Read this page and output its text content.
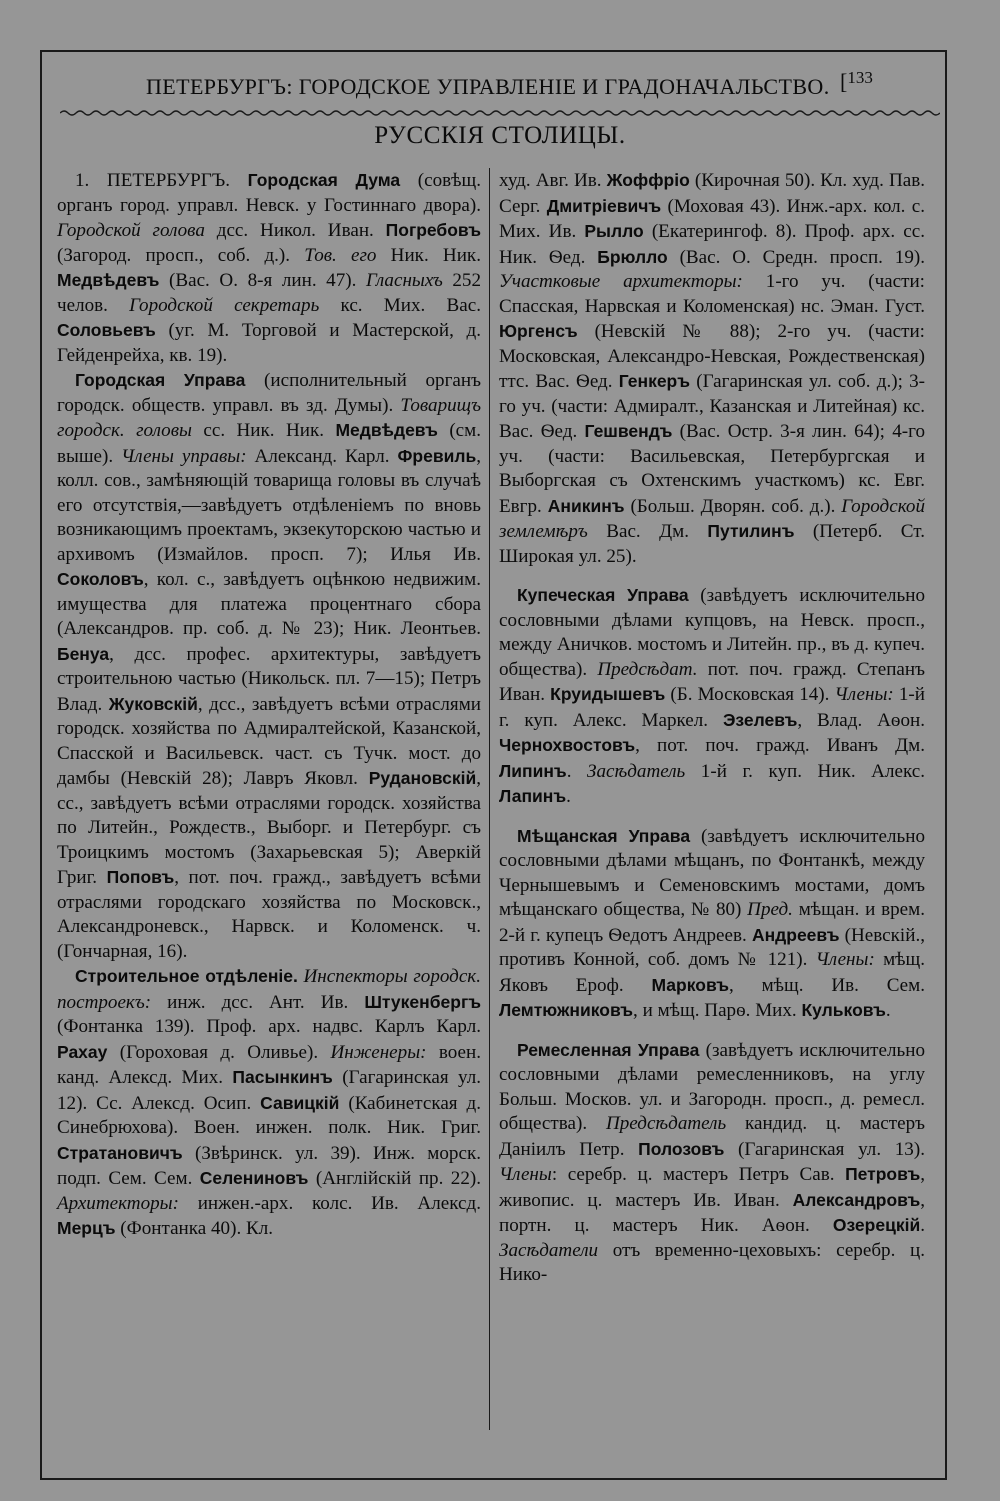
ПЕТЕРБУРГЪ: ГОРОДСКОЕ УПРАВЛЕНІЕ И ГРАДОНАЧАЛЬСТВО. [$^{133}$
РУССКІЯ СТОЛИЦЫ.

1. ПЕТЕРБУРГЪ. Городская Дума (совѣщ. органъ город. управл. Невск. у Гостиннаго двора). Городской голова дсс. Никол. Иван. Погребовъ (Загород. просп., соб. д.). Тов. его Ник. Ник. Медвѣдевъ (Вас. О. 8-я лин. 47). Гласныхъ 252 челов. Городской секретарь кс. Мих. Вас. Соловьевъ (уг. М. Торговой и Мастерской, д. Гейденрейха, кв. 19).

Городская Управа (исполнительный органъ городск. обществ. управл. въ зд. Думы). Товарищъ городск. головы сс. Ник. Ник. Медвѣдевъ (см. выше). Члены управы: Александ. Карл. Фревиль, колл. сов., замѣняющій товарища головы въ случаѣ его отсутствія,—завѣдуетъ отдѣленіемъ по вновь возникающимъ проектамъ, экзекуторскою частью и архивомъ (Измайлов. просп. 7); Илья Ив. Соколовъ, кол. с., завѣдуетъ оцѣнкою недвижим. имущества для платежа процентнаго сбора (Александров. пр. соб. д. № 23); Ник. Леонтьев. Бенуа, дсс. профес. архитектуры, завѣдуетъ строительною частью (Никольск. пл. 7—15); Петръ Влад. Жуковскій, дсс., завѣдуетъ всѣми отраслями городск. хозяйства по Адмиралтейской, Казанской, Спасской и Васильевск. част. съ Тучк. мост. до дамбы (Невскій 28); Лавръ Яковл. Рудановскій, сс., завѣдуетъ всѣми отраслями городск. хозяйства по Литейн., Рождеств., Выборг. и Петербург. съ Троицкимъ мостомъ (Захарьевская 5); Аверкій Григ. Поповъ, пот. поч. гражд., завѣдуетъ всѣми отраслями городскаго хозяйства по Московск., Александроневск., Нарвск. и Коломенск. ч. (Гончарная, 16).

Строительное отдѣленіе. Инспекторы городск. построекъ: инж. дсс. Ант. Ив. Штукенбергъ (Фонтанка 139). Проф. арх. надвс. Карлъ Карл. Рахау (Гороховая д. Оливье). Инженеры: воен. канд. Алексд. Мих. Пасынкинъ (Гагаринская ул. 12). Сс. Алексд. Осип. Савицкій (Кабинетская д. Синебрюхова). Воен. инжен. полк. Ник. Григ. Стратановичъ (Звѣринск. ул. 39). Инж. морск. подп. Сем. Сем. Селениновъ (Англійскій пр. 22). Архитекторы: инжен.-арх. колс. Ив. Алексд. Мерцъ (Фонтанка 40). Кл.

худ. Авг. Ив. Жоффріо (Кирочная 50). Кл. худ. Пав. Серг. Дмитріевичъ (Моховая 43). Инж.-арх. кол. с. Мих. Ив. Рылло (Екатерингоф. 8). Проф. арх. сс. Ник. Ѳед. Брюлло (Вас. О. Средн. просп. 19). Участковые архитекторы: 1-го уч. (части: Спасская, Нарвская и Коломенская) нс. Эман. Густ. Юргенсъ (Невскій № 88); 2-го уч. (части: Московская, Александро-Невская, Рождественская) ттс. Вас. Ѳед. Генкеръ (Гагаринская ул. соб. д.); 3-го уч. (части: Адмиралт., Казанская и Литейная) кс. Вас. Ѳед. Гешвендъ (Вас. Остр. 3-я лин. 64); 4-го уч. (части: Васильевская, Петербургская и Выборгская съ Охтенскимъ участкомъ) кс. Евг. Евгр. Аникинъ (Больш. Дворян. соб. д.). Городской землемѣръ Вас. Дм. Путилинъ (Петерб. Ст. Широкая ул. 25).

Купеческая Управа (завѣдуетъ исключительно сословными дѣлами купцовъ, на Невск. просп., между Аничков. мостомъ и Литейн. пр., въ д. купеч. общества). Предсѣдат. пот. поч. гражд. Степанъ Иван. Круидышевъ (Б. Московская 14). Члены: 1-й г. куп. Алекс. Маркел. Эзелевъ, Влад. Аѳон. Чернохвостовъ, пот. поч. гражд. Иванъ Дм. Липинъ. Засѣдатель 1-й г. куп. Ник. Алекс. Лапинъ.

Мѣщанская Управа (завѣдуетъ исключительно сословными дѣлами мѣщанъ, по Фонтанкѣ, между Чернышевымъ и Семеновскимъ мостами, домъ мѣщанскаго общества, № 80) Пред. мѣщан. и врем. 2-й г. купецъ Ѳедотъ Андреев. Андреевъ (Невскій., противъ Конной, соб. домъ № 121). Члены: мѣщ. Яковъ Ероф. Марковъ, мѣщ. Ив. Сем. Лемтюжниковъ, и мѣщ. Парѳ. Мих. Кульковъ.

Ремесленная Управа (завѣдуетъ исключительно сословными дѣлами ремесленниковъ, на углу Больш. Москов. ул. и Загородн. просп., д. ремесл. общества). Предсѣдатель кандид. ц. мастеръ Даніилъ Петр. Полозовъ (Гагаринская ул. 13). Члены: серебр. ц. мастеръ Петръ Сав. Петровъ, живопис. ц. мастеръ Ив. Иван. Александровъ, портн. ц. мастеръ Ник. Аѳон. Озерецкій. Засѣдатели отъ временно-цеховыхъ: серебр. ц. Нико-
